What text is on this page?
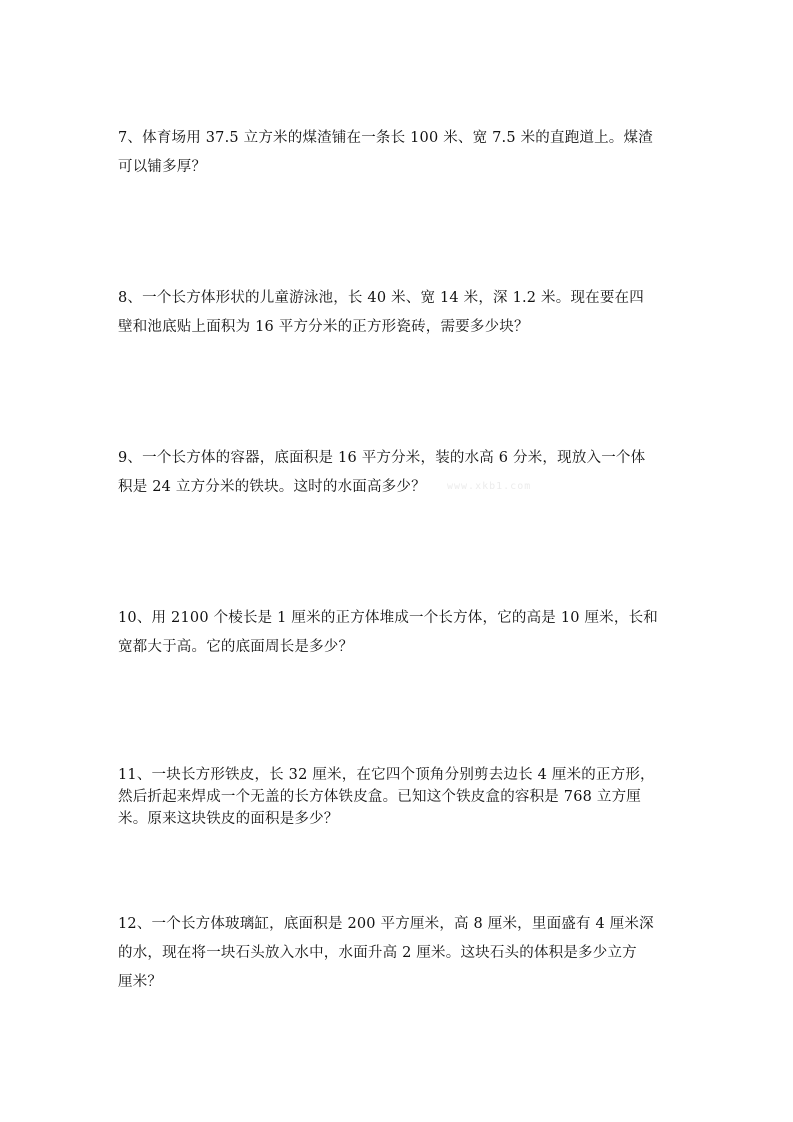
7、体育场用 37.5 立方米的煤渣铺在一条长 100 米、宽 7.5 米的直跑道上。煤渣
可以铺多厚？

8、一个长方体形状的儿童游泳池，长 40 米、宽 14 米，深 1.2 米。现在要在四
壁和池底贴上面积为 16 平方分米的正方形瓷砖，需要多少块？

9、一个长方体的容器，底面积是 16 平方分米，装的水高 6 分米，现放入一个体
积是 24 立方分米的铁块。这时的水面高多少？	www.xkb1.com

10、用 2100 个棱长是 1 厘米的正方体堆成一个长方体，它的高是 10 厘米，长和
宽都大于高。它的底面周长是多少？

11、一块长方形铁皮，长 32 厘米，在它四个顶角分别剪去边长 4 厘米的正方形，
然后折起来焊成一个无盖的长方体铁皮盒。已知这个铁皮盒的容积是 768 立方厘
米。原来这块铁皮的面积是多少？

12、一个长方体玻璃缸，底面积是 200 平方厘米，高 8 厘米，里面盛有 4 厘米深
的水，现在将一块石头放入水中，水面升高 2 厘米。这块石头的体积是多少立方
厘米？
